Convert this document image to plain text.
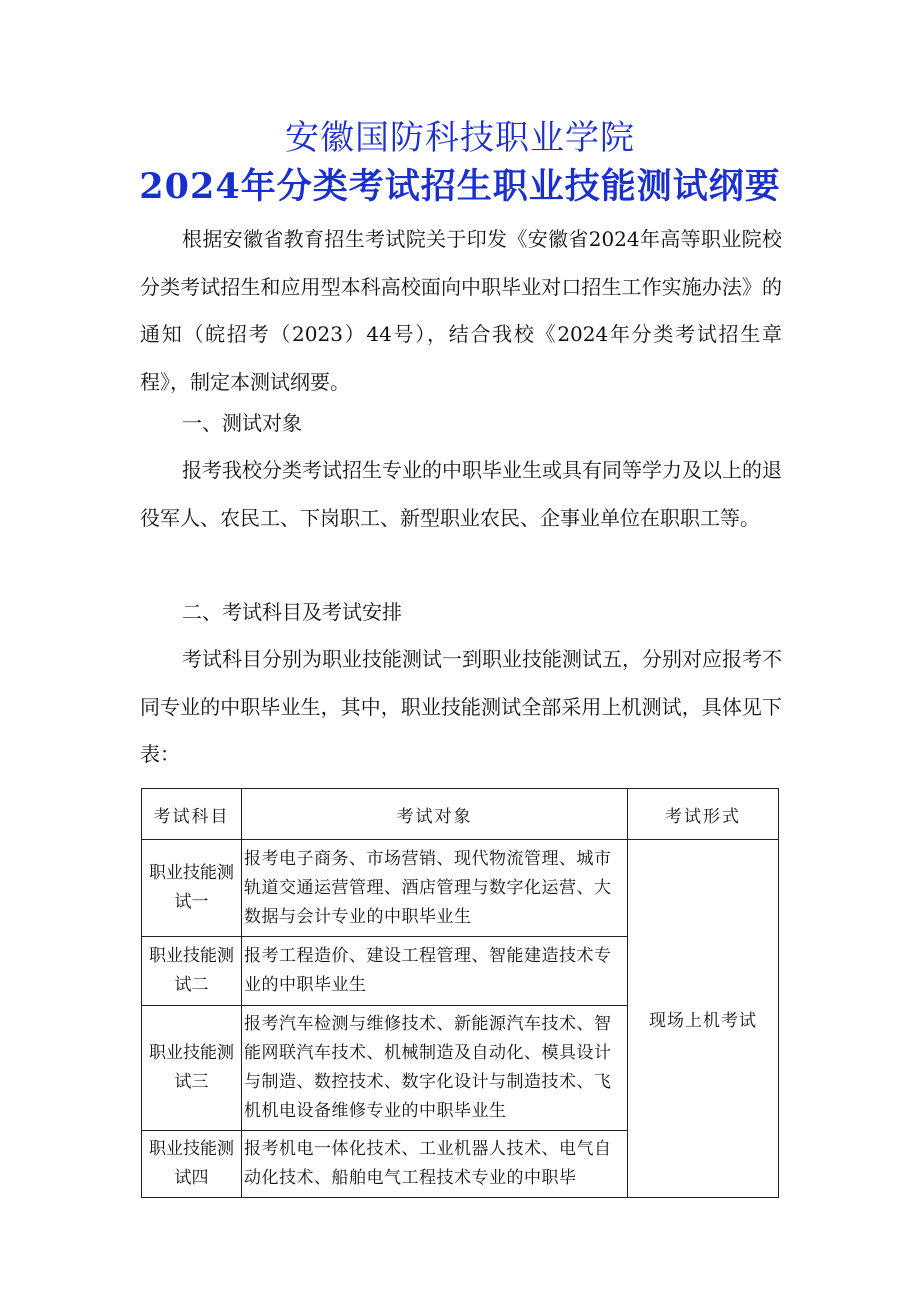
安徽国防科技职业学院
2024年分类考试招生职业技能测试纲要

根据安徽省教育招生考试院关于印发《安徽省2024年高等职业院校分类考试招生和应用型本科高校面向中职毕业对口招生工作实施办法》的通知（皖招考（2023）44号），结合我校《2024年分类考试招生章程》，制定本测试纲要。

一、测试对象

报考我校分类考试招生专业的中职毕业生或具有同等学力及以上的退役军人、农民工、下岗职工、新型职业农民、企事业单位在职职工等。

二、考试科目及考试安排

考试科目分别为职业技能测试一到职业技能测试五，分别对应报考不同专业的中职毕业生，其中，职业技能测试全部采用上机测试，具体见下表：

考试科目	考试对象	考试形式
职业技能测试一	报考电子商务、市场营销、现代物流管理、城市轨道交通运营管理、酒店管理与数字化运营、大数据与会计专业的中职毕业生	现场上机考试
职业技能测试二	报考工程造价、建设工程管理、智能建造技术专业的中职毕业生	
职业技能测试三	报考汽车检测与维修技术、新能源汽车技术、智能网联汽车技术、机械制造及自动化、模具设计与制造、数控技术、数字化设计与制造技术、飞机机电设备维修专业的中职毕业生	
职业技能测试四	报考机电一体化技术、工业机器人技术、电气自动化技术、船舶电气工程技术专业的中职毕	
